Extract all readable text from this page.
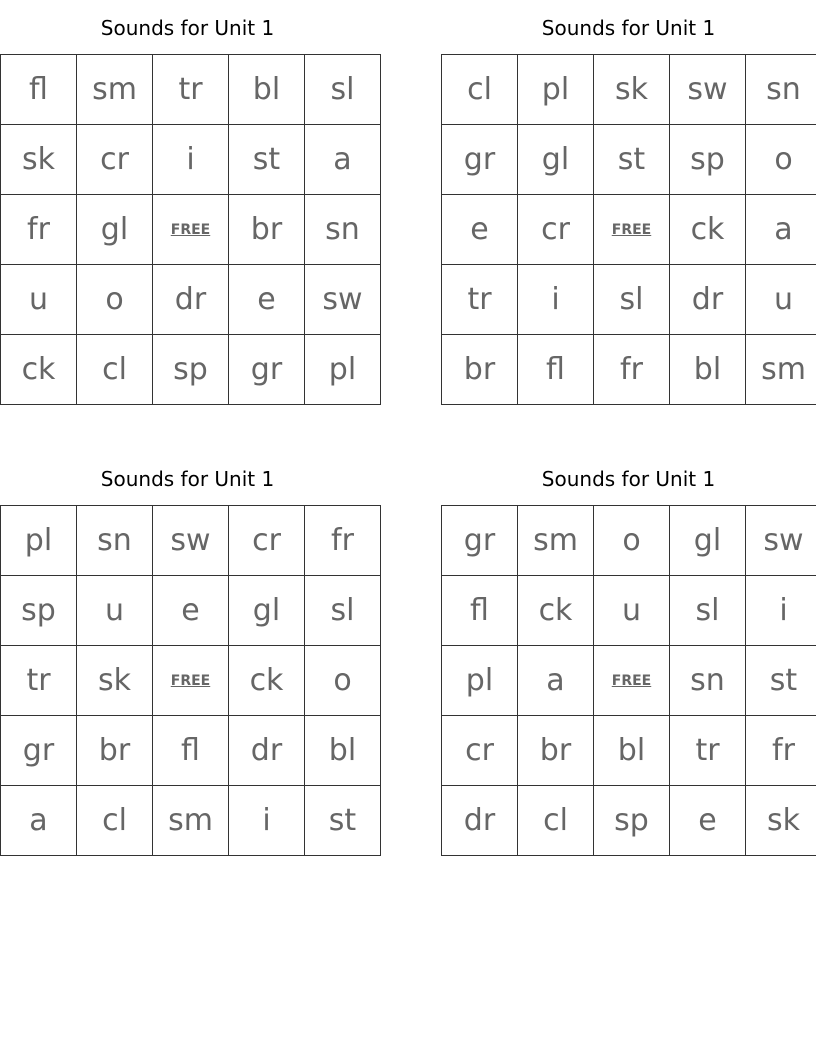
Sounds for Unit 1
fl	sm	tr	bl	sl
sk	cr	i	st	a
fr	gl	FREE	br	sn
u	o	dr	e	sw
ck	cl	sp	gr	pl
Sounds for Unit 1
cl	pl	sk	sw	sn
gr	gl	st	sp	o
e	cr	FREE	ck	a
tr	i	sl	dr	u
br	fl	fr	bl	sm
Sounds for Unit 1
pl	sn	sw	cr	fr
sp	u	e	gl	sl
tr	sk	FREE	ck	o
gr	br	fl	dr	bl
a	cl	sm	i	st
Sounds for Unit 1
gr	sm	o	gl	sw
fl	ck	u	sl	i
pl	a	FREE	sn	st
cr	br	bl	tr	fr
dr	cl	sp	e	sk
